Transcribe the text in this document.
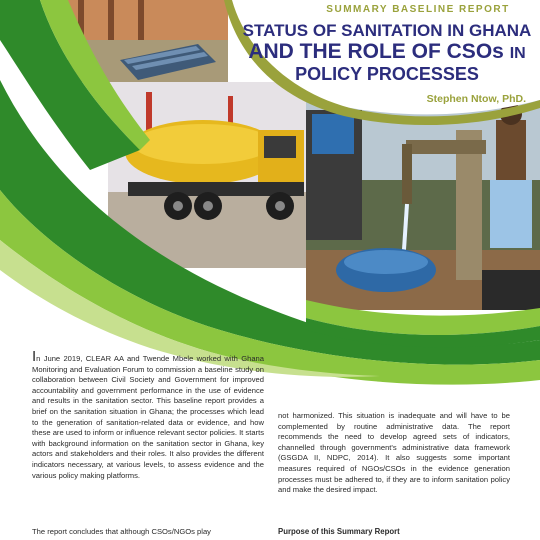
SUMMARY BASELINE REPORT
STATUS OF SANITATION IN GHANA
AND THE ROLE OF CSOs IN
POLICY PROCESSES
Stephen Ntow, PhD.

In June 2019, CLEAR AA and Twende Mbele worked with Ghana Monitoring and Evaluation Forum to commission a baseline study on collaboration between Civil Society and Government for improved accountability and government performance in the use of evidence and results in the sanitation sector. This baseline report provides a brief on the sanitation situation in Ghana; the processes which lead to the generation of sanitation-related data or evidence, and how these are used to inform or influence relevant sector policies. It starts with background information on the sanitation sector in Ghana, key actors and stakeholders and their roles. It also provides the different indicators necessary, at various levels, to assess evidence and the various policy making platforms.

The report concludes that although CSOs/NGOs play

not harmonized. This situation is inadequate and will have to be complemented by routine administrative data. The report recommends the need to develop agreed sets of indicators, channelled through government's administrative data framework (GSGDA II, NDPC, 2014). It also suggests some important measures required of NGOs/CSOs in the evidence generation processes must be adhered to, if they are to inform sanitation policy and make the desired impact.

Purpose of this Summary Report
